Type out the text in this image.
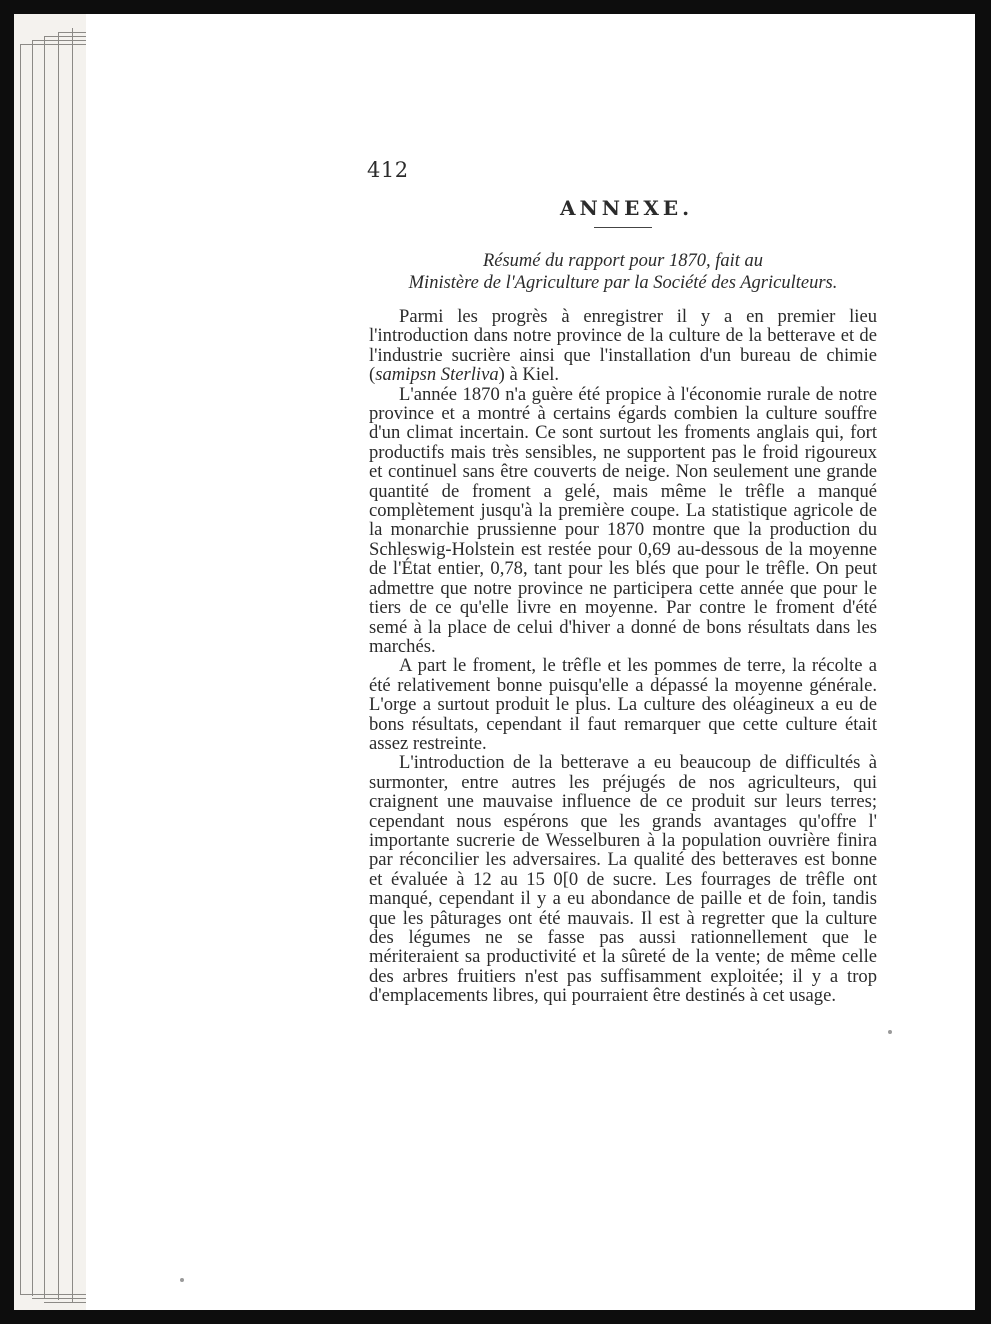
412
ANNEXE.
Résumé du rapport pour 1870, fait au
Ministère de l'Agriculture par la Société des Agriculteurs.

Parmi les progrès à enregistrer il y a en premier lieu l'introduction dans notre province de la culture de la betterave et de l'industrie sucrière ainsi que l'installation d'un bureau de chimie (samipsn Sterliva) à Kiel.

L'année 1870 n'a guère été propice à l'économie rurale de notre province et a montré à certains égards combien la culture souffre d'un climat incertain. Ce sont surtout les froments anglais qui, fort productifs mais très sensibles, ne supportent pas le froid rigoureux et continuel sans être couverts de neige. Non seulement une grande quantité de froment a gelé, mais même le trêfle a manqué complètement jusqu'à la première coupe. La statistique agricole de la monarchie prussienne pour 1870 montre que la production du Schleswig-Holstein est restée pour 0,69 au-dessous de la moyenne de l'État entier, 0,78, tant pour les blés que pour le trêfle. On peut admettre que notre province ne participera cette année que pour le tiers de ce qu'elle livre en moyenne. Par contre le froment d'été semé à la place de celui d'hiver a donné de bons résultats dans les marchés.

A part le froment, le trêfle et les pommes de terre, la récolte a été relativement bonne puisqu'elle a dépassé la moyenne générale. L'orge a surtout produit le plus. La culture des oléagineux a eu de bons résultats, cependant il faut remarquer que cette culture était assez restreinte.

L'introduction de la betterave a eu beaucoup de difficultés à surmonter, entre autres les préjugés de nos agriculteurs, qui craignent une mauvaise influence de ce produit sur leurs terres; cependant nous espérons que les grands avantages qu'offre l' importante sucrerie de Wesselburen à la population ouvrière finira par réconcilier les adversaires. La qualité des betteraves est bonne et évaluée à 12 au 15 0[0 de sucre. Les fourrages de trêfle ont manqué, cependant il y a eu abondance de paille et de foin, tandis que les pâturages ont été mauvais. Il est à regretter que la culture des légumes ne se fasse pas aussi rationnellement que le mériteraient sa productivité et la sûreté de la vente; de même celle des arbres fruitiers n'est pas suffisamment exploitée; il y a trop d'emplacements libres, qui pourraient être destinés à cet usage.
